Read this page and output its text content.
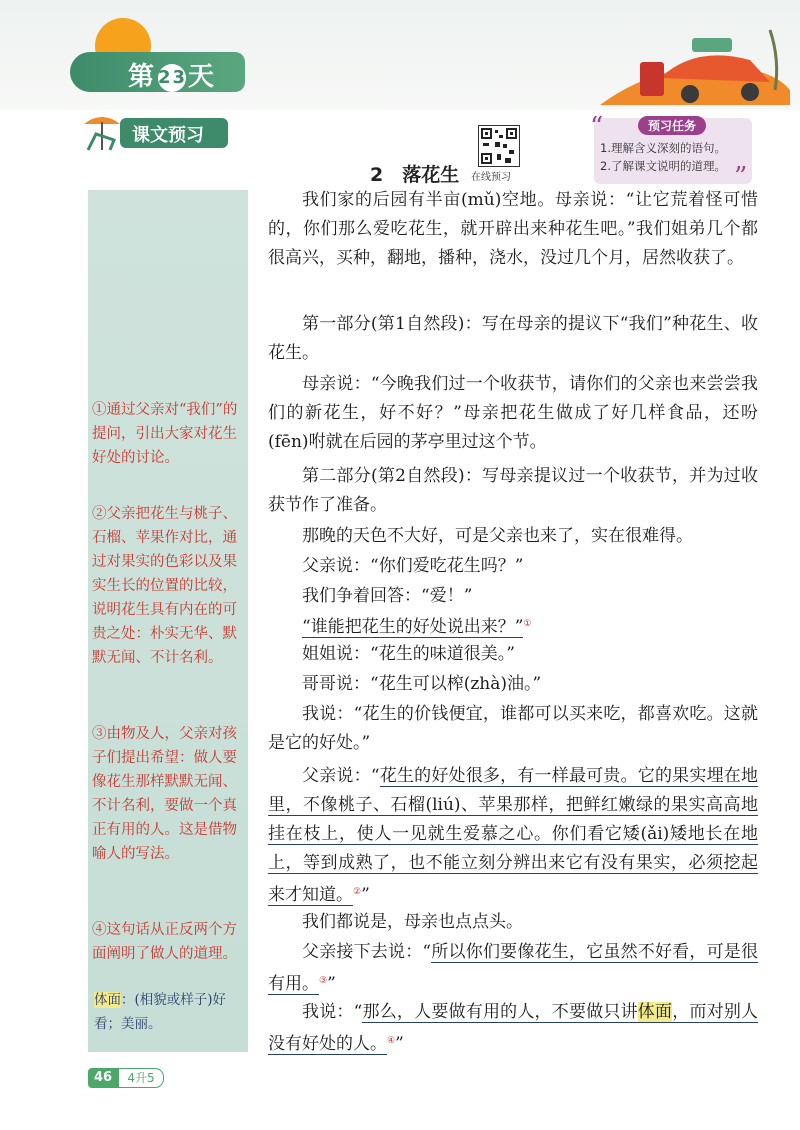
第 23天
课文预习
在线预习
2　落花生
“	预习任务
1.理解含义深刻的语句。
2.了解课文说明的道理。 ”
①通过父亲对“我们”的提问，引出大家对花生好处的讨论。
②父亲把花生与桃子、石榴、苹果作对比，通过对果实的色彩以及果实生长的位置的比较，说明花生具有内在的可贵之处：朴实无华、默默无闻、不计名利。
③由物及人，父亲对孩子们提出希望：做人要像花生那样默默无闻、不计名利，要做一个真正有用的人。这是借物喻人的写法。
④这句话从正反两个方面阐明了做人的道理。
体面：(相貌或样子)好看；美丽。
我们家的后园有半亩(mǔ)空地。母亲说：“让它荒着怪可惜的，你们那么爱吃花生，就开辟出来种花生吧。”我们姐弟几个都很高兴，买种，翻地，播种，浇水，没过几个月，居然收获了。
第一部分(第1自然段)：写在母亲的提议下“我们”种花生、收花生。
母亲说：“今晚我们过一个收获节，请你们的父亲也来尝尝我们的新花生，好不好？”母亲把花生做成了好几样食品，还吩(fēn)咐就在后园的茅亭里过这个节。
第二部分(第2自然段)：写母亲提议过一个收获节，并为过收获节作了准备。
那晚的天色不大好，可是父亲也来了，实在很难得。
父亲说：“你们爱吃花生吗？”
我们争着回答：“爱！”
“谁能把花生的好处说出来？”①
姐姐说：“花生的味道很美。”
哥哥说：“花生可以榨(zhà)油。”
我说：“花生的价钱便宜，谁都可以买来吃，都喜欢吃。这就是它的好处。”
父亲说：“花生的好处很多，有一样最可贵。它的果实埋在地里，不像桃子、石榴(liú)、苹果那样，把鲜红嫩绿的果实高高地挂在枝上，使人一见就生爱慕之心。你们看它矮(ǎi)矮地长在地上，等到成熟了，也不能立刻分辨出来它有没有果实，必须挖起来才知道。②”
我们都说是，母亲也点点头。
父亲接下去说：“所以你们要像花生，它虽然不好看，可是很有用。③”
我说：“那么，人要做有用的人，不要做只讲体面，而对别人没有好处的人。④”
46	4升5
